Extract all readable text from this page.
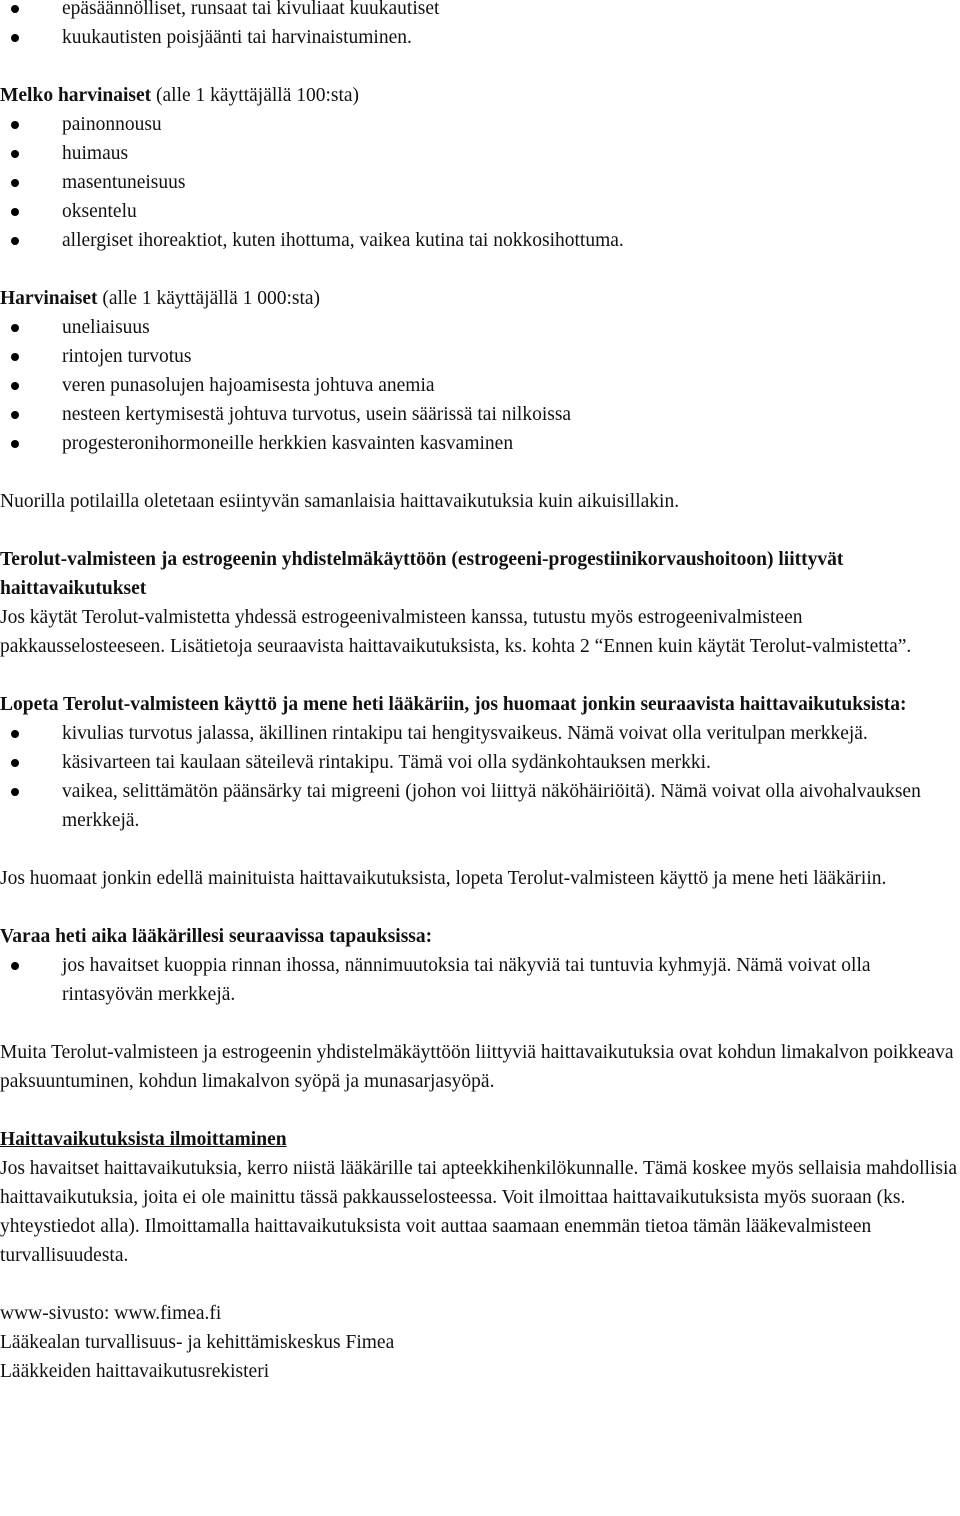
epäsäännölliset, runsaat tai kivuliaat kuukautiset
kuukautisten poisjäänti tai harvinaistuminen.

Melko harvinaiset (alle 1 käyttäjällä 100:sta)

painonnousu
huimaus
masentuneisuus
oksentelu
allergiset ihoreaktiot, kuten ihottuma, vaikea kutina tai nokkosihottuma.

Harvinaiset (alle 1 käyttäjällä 1 000:sta)

uneliaisuus
rintojen turvotus
veren punasolujen hajoamisesta johtuva anemia
nesteen kertymisestä johtuva turvotus, usein säärissä tai nilkoissa
progesteronihormoneille herkkien kasvainten kasvaminen

Nuorilla potilailla oletetaan esiintyvän samanlaisia haittavaikutuksia kuin aikuisillakin.

Terolut-valmisteen ja estrogeenin yhdistelmäkäyttöön (estrogeeni-progestiinikorvaushoitoon) liittyvät haittavaikutukset

Jos käytät Terolut-valmistetta yhdessä estrogeenivalmisteen kanssa, tutustu myös estrogeenivalmisteen pakkausselosteeseen. Lisätietoja seuraavista haittavaikutuksista, ks. kohta 2 “Ennen kuin käytät Terolut-valmistetta”.

Lopeta Terolut-valmisteen käyttö ja mene heti lääkäriin, jos huomaat jonkin seuraavista haittavaikutuksista:

kivulias turvotus jalassa, äkillinen rintakipu tai hengitysvaikeus. Nämä voivat olla veritulpan merkkejä.
käsivarteen tai kaulaan säteilevä rintakipu. Tämä voi olla sydänkohtauksen merkki.
vaikea, selittämätön päänsärky tai migreeni (johon voi liittyä näköhäiriöitä). Nämä voivat olla aivohalvauksen merkkejä.

Jos huomaat jonkin edellä mainituista haittavaikutuksista, lopeta Terolut-valmisteen käyttö ja mene heti lääkäriin.

Varaa heti aika lääkärillesi seuraavissa tapauksissa:

jos havaitset kuoppia rinnan ihossa, nännimuutoksia tai näkyviä tai tuntuvia kyhmyjä. Nämä voivat olla rintasyövän merkkejä.

Muita Terolut-valmisteen ja estrogeenin yhdistelmäkäyttöön liittyviä haittavaikutuksia ovat kohdun limakalvon poikkeava paksuuntuminen, kohdun limakalvon syöpä ja munasarjasyöpä.

Haittavaikutuksista ilmoittaminen

Jos havaitset haittavaikutuksia, kerro niistä lääkärille tai apteekkihenkilökunnalle. Tämä koskee myös sellaisia mahdollisia haittavaikutuksia, joita ei ole mainittu tässä pakkausselosteessa. Voit ilmoittaa haittavaikutuksista myös suoraan (ks. yhteystiedot alla). Ilmoittamalla haittavaikutuksista voit auttaa saamaan enemmän tietoa tämän lääkevalmisteen turvallisuudesta.

www-sivusto: www.fimea.fi

Lääkealan turvallisuus- ja kehittämiskeskus Fimea

Lääkkeiden haittavaikutusrekisteri
